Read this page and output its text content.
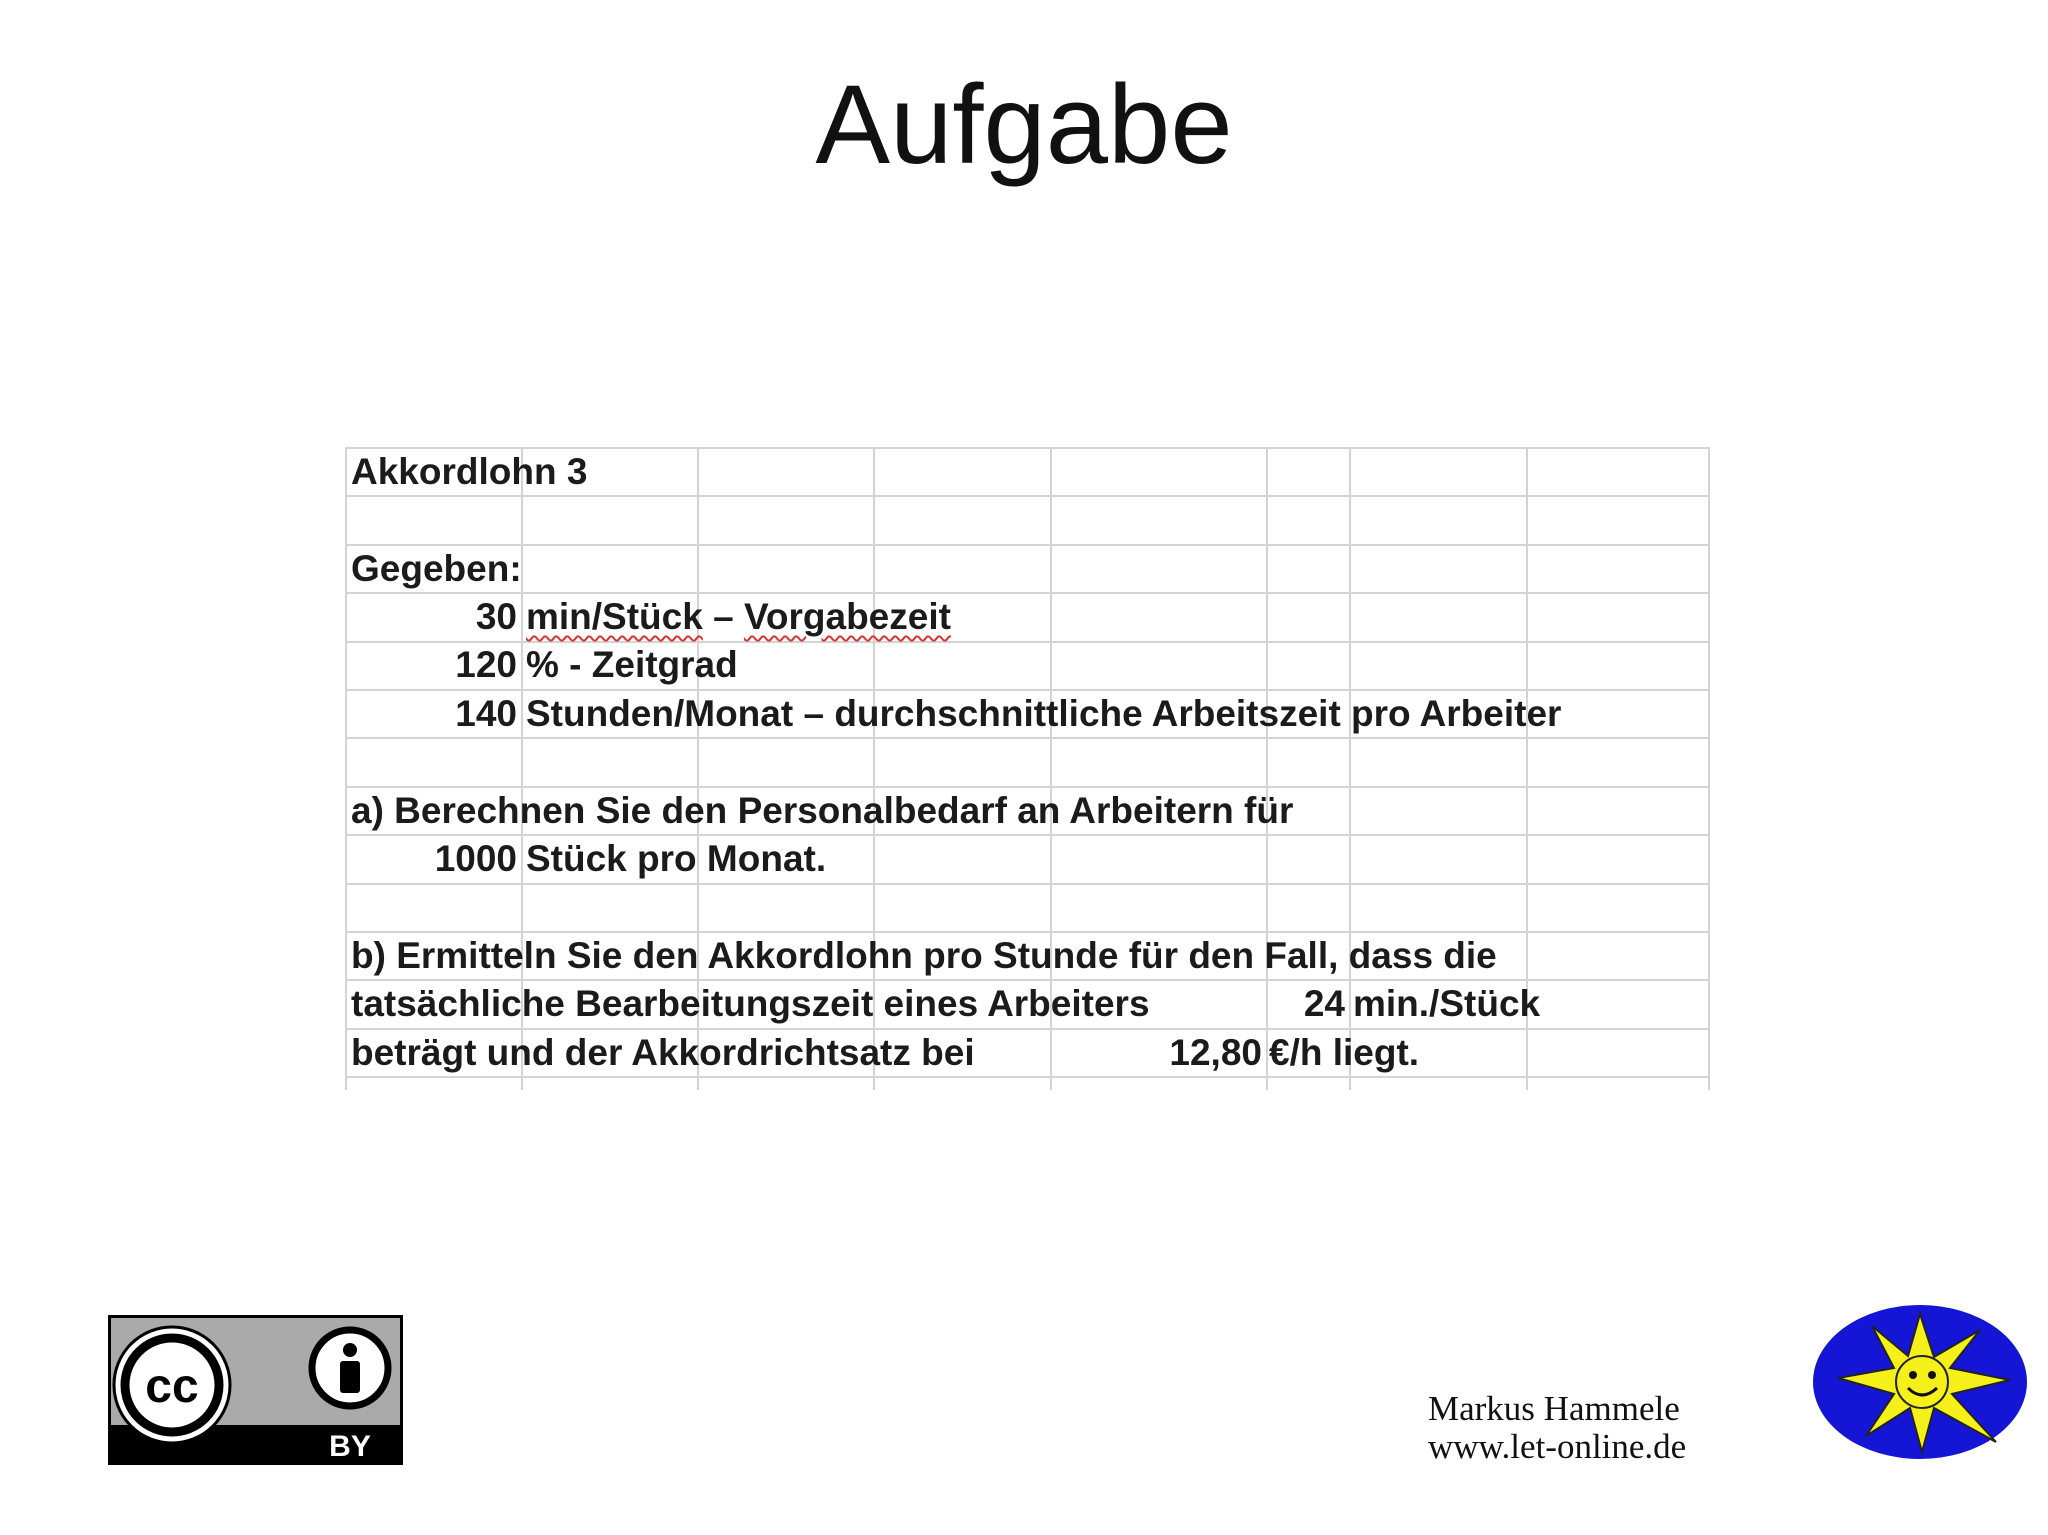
Aufgabe
Akkordlohn 3
Gegeben:
30 min/Stück – Vorgabezeit
120 % - Zeitgrad
140 Stunden/Monat – durchschnittliche Arbeitszeit pro Arbeiter
a) Berechnen Sie den Personalbedarf an Arbeitern für
1000 Stück pro Monat.
b) Ermitteln Sie den Akkordlohn pro Stunde für den Fall, dass die
tatsächliche Bearbeitungszeit eines Arbeiters	24 min./Stück
beträgt und der Akkordrichtsatz bei	12,80 €/h liegt.
cc
BY
Markus Hammele
www.let-online.de
